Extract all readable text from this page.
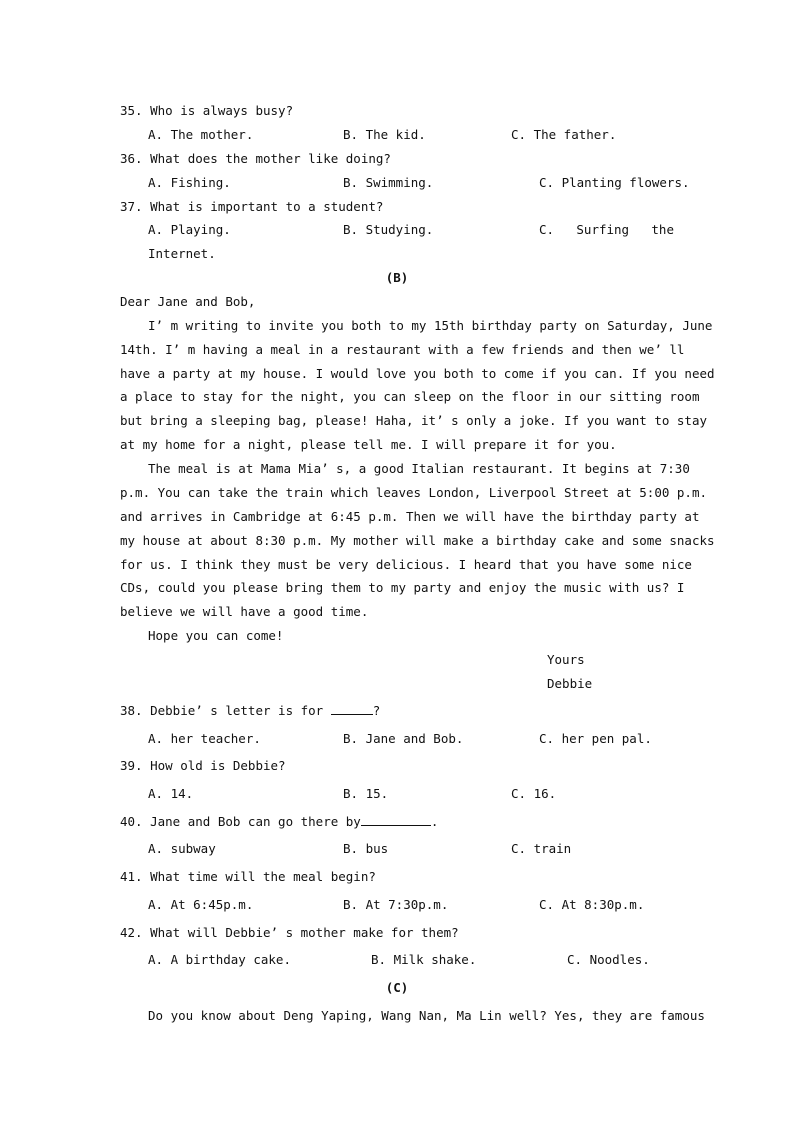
35. Who is always busy?
A. The mother.	B. The kid.	C. The father.
36. What does the mother like doing?
A. Fishing.	B. Swimming.	C. Planting flowers.
37. What is important to a student?
A. Playing.	B. Studying.	C. Surfing the
Internet.
(B)
Dear Jane and Bob,
I’ m writing to invite you both to my 15th birthday party on Saturday, June
14th. I’ m having a meal in a restaurant with a few friends and then we’ ll
have a party at my house. I would love you both to come if you can. If you need
a place to stay for the night, you can sleep on the floor in our sitting room
but bring a sleeping bag, please! Haha, it’ s only a joke. If you want to stay
at my home for a night, please tell me. I will prepare it for you.
The meal is at Mama Mia’ s, a good Italian restaurant. It begins at 7:30
p.m. You can take the train which leaves London, Liverpool Street at 5:00 p.m.
and arrives in Cambridge at 6:45 p.m. Then we will have the birthday party at
my house at about 8:30 p.m. My mother will make a birthday cake and some snacks
for us. I think they must be very delicious. I heard that you have some nice
CDs, could you please bring them to my party and enjoy the music with us? I
believe we will have a good time.
Hope you can come!
Yours
Debbie
38. Debbie’ s letter is for	?
A. her teacher.	B. Jane and Bob.	C. her pen pal.
39. How old is Debbie?
A. 14.	B. 15.	C. 16.
40. Jane and Bob can go there by	.
A. subway	B. bus	C. train
41. What time will the meal begin?
A. At 6:45p.m.	B. At 7:30p.m.	C. At 8:30p.m.
42. What will Debbie’ s mother make for them?
A. A birthday cake.	B. Milk shake.	C. Noodles.
(C)
Do you know about Deng Yaping, Wang Nan, Ma Lin well? Yes, they are famous
